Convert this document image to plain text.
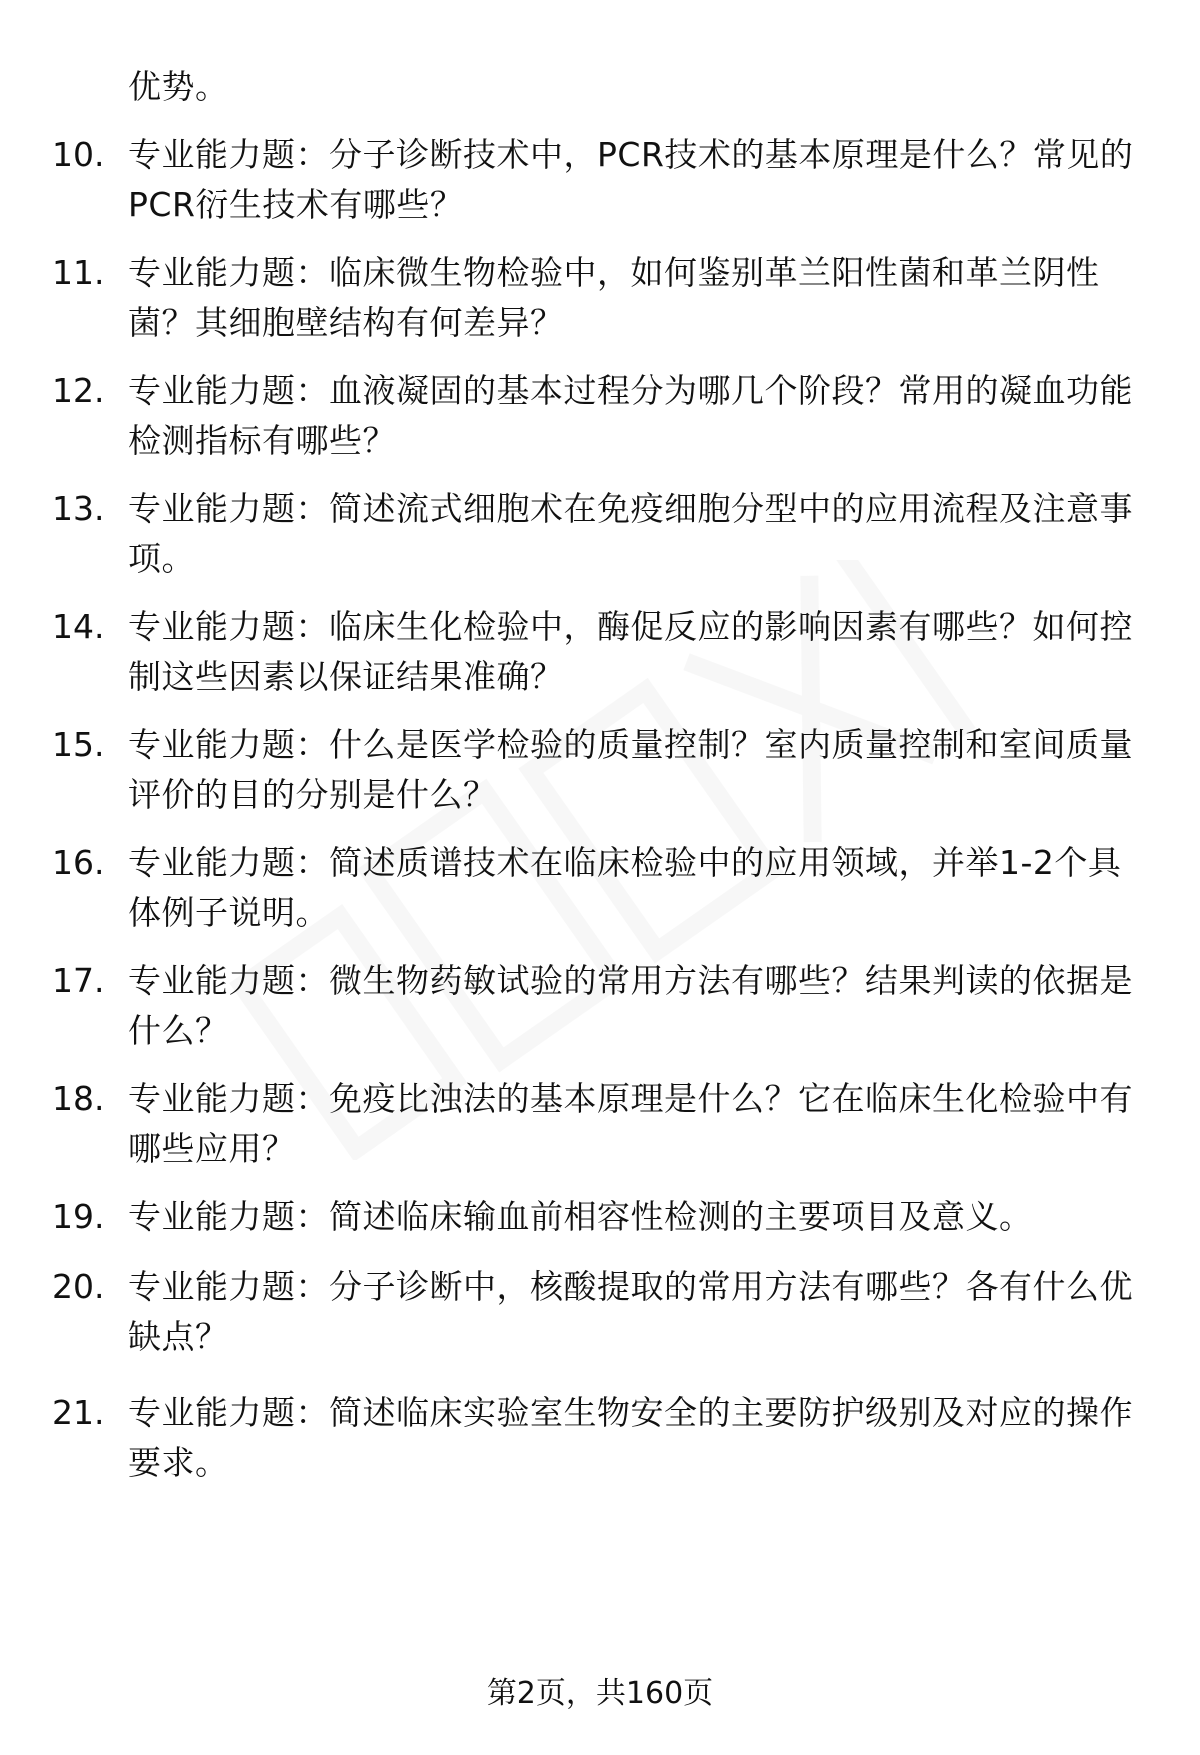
优势。
10. 专业能力题：分子诊断技术中，PCR技术的基本原理是什么？常见的PCR衍生技术有哪些？
11. 专业能力题：临床微生物检验中，如何鉴别革兰阳性菌和革兰阴性菌？其细胞壁结构有何差异？
12. 专业能力题：血液凝固的基本过程分为哪几个阶段？常用的凝血功能检测指标有哪些？
13. 专业能力题：简述流式细胞术在免疫细胞分型中的应用流程及注意事项。
14. 专业能力题：临床生化检验中，酶促反应的影响因素有哪些？如何控制这些因素以保证结果准确？
15. 专业能力题：什么是医学检验的质量控制？室内质量控制和室间质量评价的目的分别是什么？
16. 专业能力题：简述质谱技术在临床检验中的应用领域，并举1-2个具体例子说明。
17. 专业能力题：微生物药敏试验的常用方法有哪些？结果判读的依据是什么？
18. 专业能力题：免疫比浊法的基本原理是什么？它在临床生化检验中有哪些应用？
19. 专业能力题：简述临床输血前相容性检测的主要项目及意义。
20. 专业能力题：分子诊断中，核酸提取的常用方法有哪些？各有什么优缺点？
21. 专业能力题：简述临床实验室生物安全的主要防护级别及对应的操作要求。
第2页，共160页
